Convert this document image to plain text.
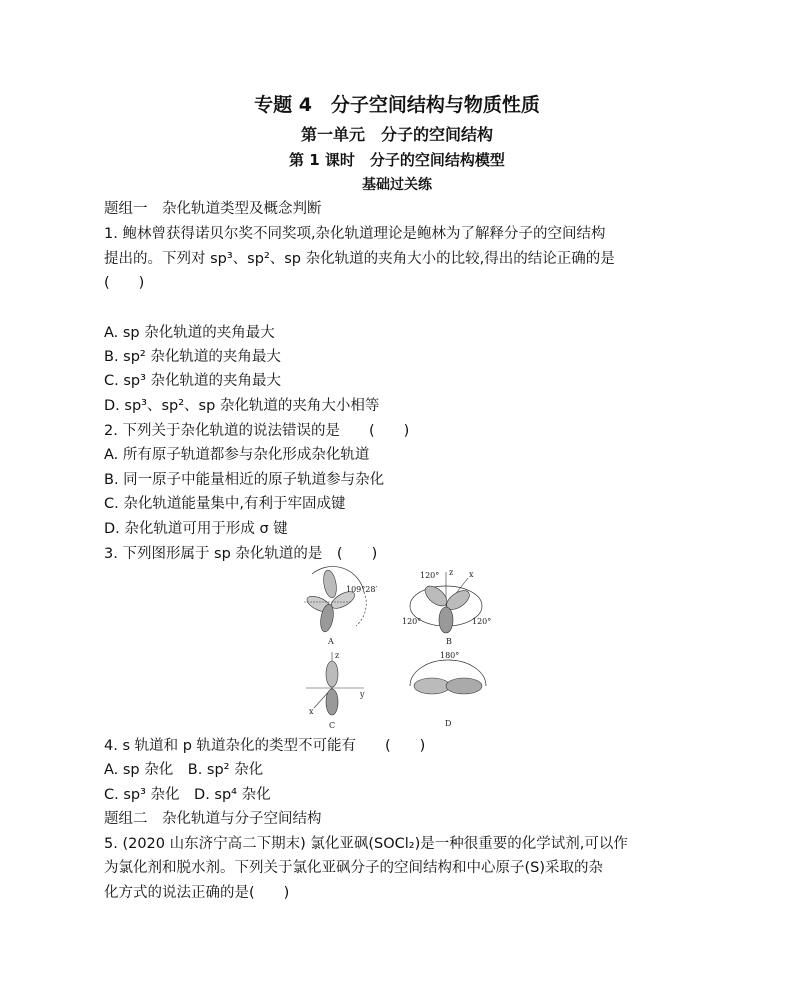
专题 4　分子空间结构与物质性质
第一单元　分子的空间结构
第 1 课时　分子的空间结构模型
基础过关练
题组一　杂化轨道类型及概念判断
1. 鲍林曾获得诺贝尔奖不同奖项,杂化轨道理论是鲍林为了解释分子的空间结构
提出的。下列对 sp³、sp²、sp 杂化轨道的夹角大小的比较,得出的结论正确的是
(　　)
A. sp 杂化轨道的夹角最大
B. sp² 杂化轨道的夹角最大
C. sp³ 杂化轨道的夹角最大
D. sp³、sp²、sp 杂化轨道的夹角大小相等
2. 下列关于杂化轨道的说法错误的是　　(　　)
A. 所有原子轨道都参与杂化形成杂化轨道
B. 同一原子中能量相近的原子轨道参与杂化
C. 杂化轨道能量集中,有利于牢固成键
D. 杂化轨道可用于形成 σ 键
3. 下列图形属于 sp 杂化轨道的是　(　　)
109°28′
A
120° z x
120°	120°
B
z
y
x
C
180°
D
4. s 轨道和 p 轨道杂化的类型不可能有　　(　　)
A. sp 杂化　B. sp² 杂化
C. sp³ 杂化　D. sp⁴ 杂化
题组二　杂化轨道与分子空间结构
5. (2020 山东济宁高二下期末) 氯化亚砜(SOCl₂)是一种很重要的化学试剂,可以作
为氯化剂和脱水剂。下列关于氯化亚砜分子的空间结构和中心原子(S)采取的杂
化方式的说法正确的是(　　)
